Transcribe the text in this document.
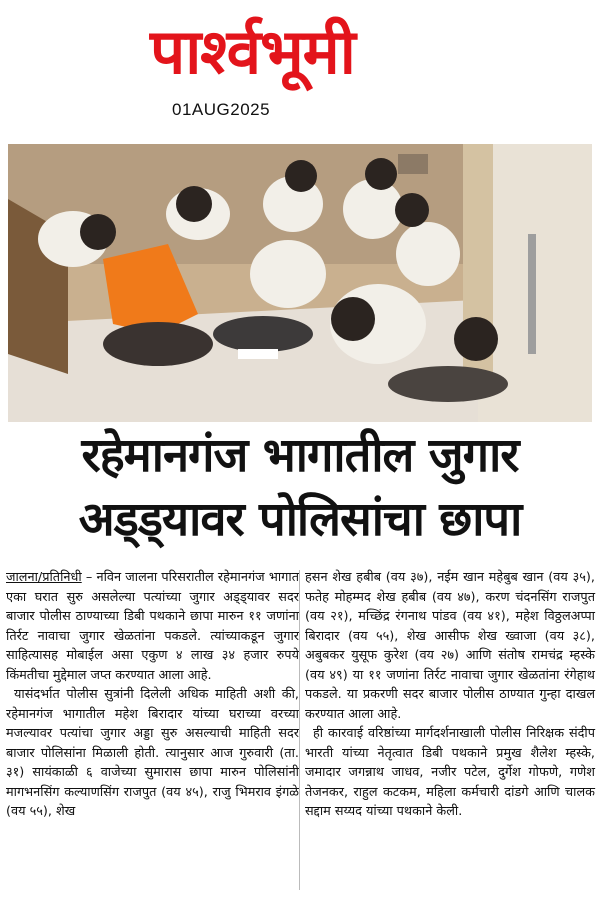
पार्श्वभूमी
01AUG2025
रहेमानगंज भागातील जुगार
अड्ड्यावर पोलिसांचा छापा

जालना/प्रतिनिधी – नविन जालना परिसरातील रहेमानगंज भागात एका घरात सुरु असलेल्या पत्यांच्या जुगार अड्ड्यावर सदर बाजार पोलीस ठाण्याच्या डिबी पथकाने छापा मारुन ११ जणांना तिर्रट नावाचा जुगार खेळतांना पकडले. त्यांच्याकडून जुगार साहित्यासह मोबाईल असा एकुण ४ लाख ३४ हजार रुपये किंमतीचा मुद्देमाल जप्त करण्यात आला आहे.

यासंदर्भात पोलीस सुत्रांनी दिलेली अधिक माहिती अशी की, रहेमानगंज भागातील महेश बिरादार यांच्या घराच्या वरच्या मजल्यावर पत्यांचा जुगार अड्डा सुरु असल्याची माहिती सदर बाजार पोलिसांना मिळाली होती. त्यानुसार आज गुरुवारी (ता. ३१) सायंकाळी ६ वाजेच्या सुमारास छापा मारुन पोलिसांनी मागभनसिंग कल्याणसिंग राजपुत (वय ४५), राजु भिमराव इंगळे (वय ५५), शेख

हसन शेख हबीब (वय ३७), नईम खान महेबुब खान (वय ३५), फतेह मोहम्मद शेख हबीब (वय ४७), करण चंदनसिंग राजपुत (वय २१), मच्छिंद्र रंगनाथ पांडव (वय ४१), महेश विठ्ठलअप्पा बिरादार (वय ५५), शेख आसीफ शेख ख्वाजा (वय ३८), अबुबकर युसूफ कुरेश (वय २७) आणि संतोष रामचंद्र म्हस्के (वय ४९) या ११ जणांना तिर्रट नावाचा जुगार खेळतांना रंगेहाथ पकडले. या प्रकरणी सदर बाजार पोलीस ठाण्यात गुन्हा दाखल करण्यात आला आहे.

ही कारवाई वरिष्ठांच्या मार्गदर्शनाखाली पोलीस निरिक्षक संदीप भारती यांच्या नेतृत्वात डिबी पथकाने प्रमुख शैलेश म्हस्के, जमादार जगन्नाथ जाधव, नजीर पटेल, दुर्गेश गोफणे, गणेश तेजनकर, राहुल कटकम, महिला कर्मचारी दांडगे आणि चालक सद्दाम सय्यद यांच्या पथकाने केली.
